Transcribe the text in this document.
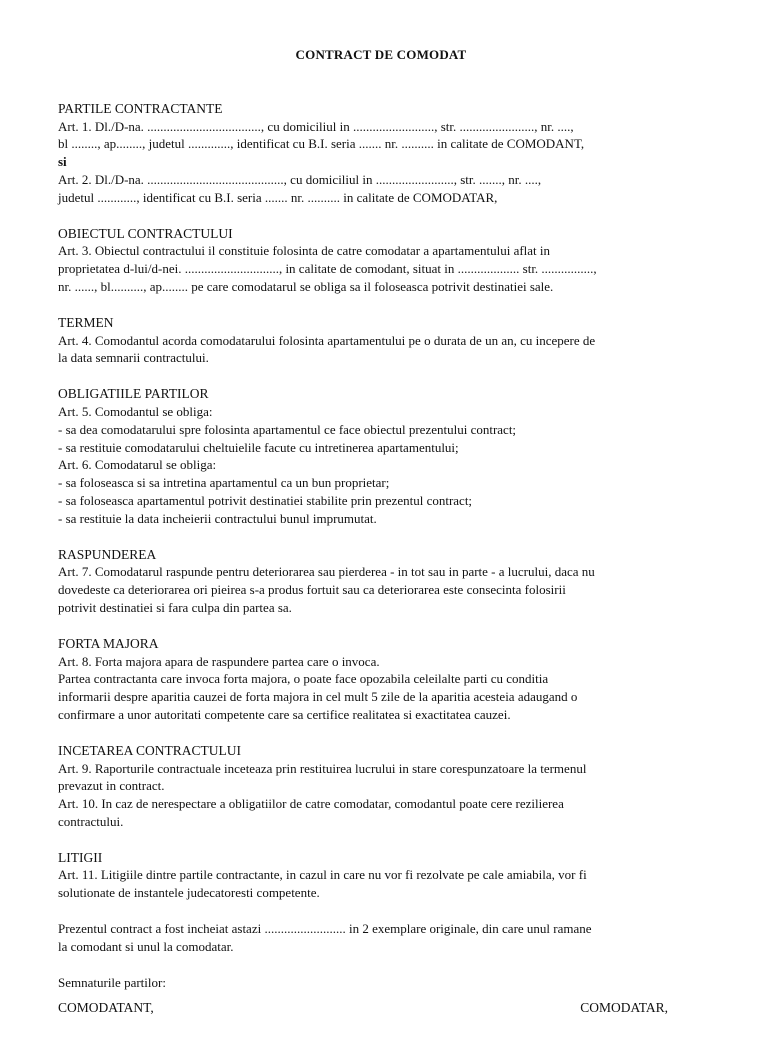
CONTRACT DE COMODAT
PARTILE CONTRACTANTE
Art. 1. Dl./D-na. ..................................., cu domiciliul in ........................., str. ......................., nr. ....,
bl ........, ap........, judetul ............., identificat cu B.I. seria ....... nr. .......... in calitate de COMODANT,
si
Art. 2. Dl./D-na. .........................................., cu domiciliul in ........................, str. ......., nr. ....,
judetul ............, identificat cu B.I. seria ....... nr. .......... in calitate de COMODATAR,
OBIECTUL CONTRACTULUI
Art. 3. Obiectul contractului il constituie folosinta de catre comodatar a apartamentului aflat in
proprietatea d-lui/d-nei. ............................., in calitate de comodant, situat in ................... str. ................,
nr. ......, bl.........., ap........ pe care comodatarul se obliga sa il foloseasca potrivit destinatiei sale.
TERMEN
Art. 4. Comodantul acorda comodatarului folosinta apartamentului pe o durata de un an, cu incepere de
la data semnarii contractului.
OBLIGATIILE PARTILOR
Art. 5. Comodantul se obliga:
- sa dea comodatarului spre folosinta apartamentul ce face obiectul prezentului contract;
- sa restituie comodatarului cheltuielile facute cu intretinerea apartamentului;
Art. 6. Comodatarul se obliga:
- sa foloseasca si sa intretina apartamentul ca un bun proprietar;
- sa foloseasca apartamentul potrivit destinatiei stabilite prin prezentul contract;
- sa restituie la data incheierii contractului bunul imprumutat.
RASPUNDEREA
Art. 7. Comodatarul raspunde pentru deteriorarea sau pierderea - in tot sau in parte - a lucrului, daca nu
dovedeste ca deteriorarea ori pieirea s-a produs fortuit sau ca deteriorarea este consecinta folosirii
potrivit destinatiei si fara culpa din partea sa.
FORTA MAJORA
Art. 8. Forta majora apara de raspundere partea care o invoca.
Partea contractanta care invoca forta majora, o poate face opozabila celeilalte parti cu conditia
informarii despre aparitia cauzei de forta majora in cel mult 5 zile de la aparitia acesteia adaugand o
confirmare a unor autoritati competente care sa certifice realitatea si exactitatea cauzei.
INCETAREA CONTRACTULUI
Art. 9. Raporturile contractuale inceteaza prin restituirea lucrului in stare corespunzatoare la termenul
prevazut in contract.
Art. 10. In caz de nerespectare a obligatiilor de catre comodatar, comodantul poate cere rezilierea
contractului.
LITIGII
Art. 11. Litigiile dintre partile contractante, in cazul in care nu vor fi rezolvate pe cale amiabila, vor fi
solutionate de instantele judecatoresti competente.
Prezentul contract a fost incheiat astazi ......................... in 2 exemplare originale, din care unul ramane
la comodant si unul la comodatar.
Semnaturile partilor:
COMODATANT,	COMODATAR,
